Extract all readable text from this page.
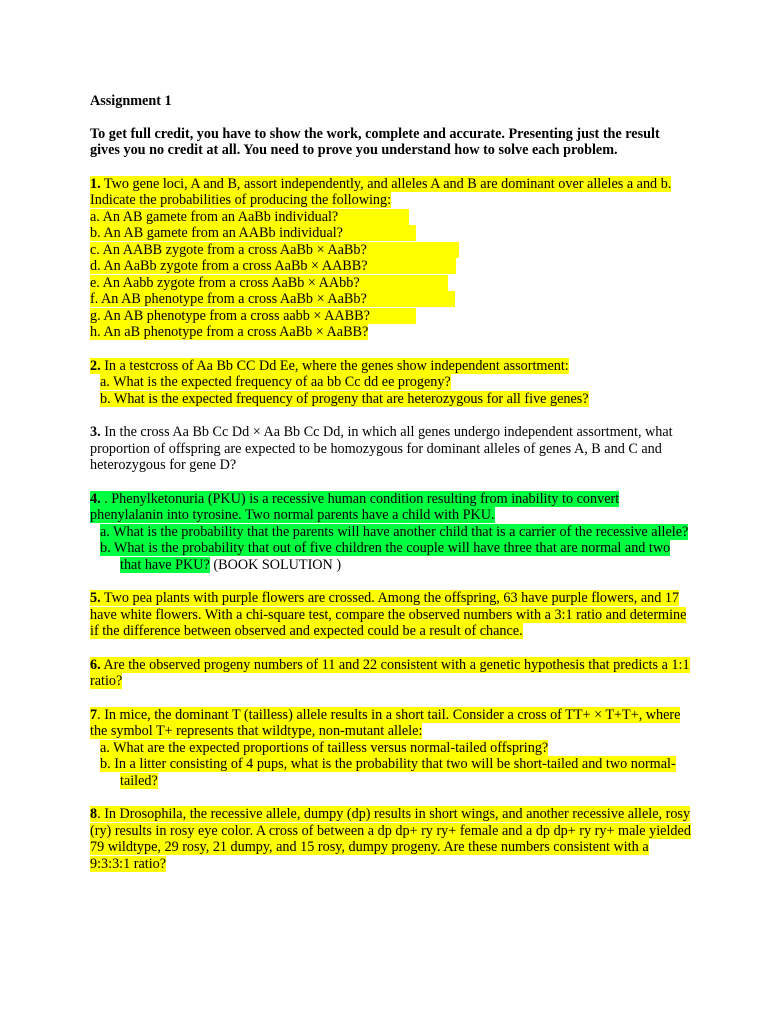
Assignment 1
To get full credit, you have to show the work, complete and accurate. Presenting just the result
gives you no credit at all. You need to prove you understand how to solve each problem.
1. Two gene loci, A and B, assort independently, and alleles A and B are dominant over alleles a and b.
Indicate the probabilities of producing the following:
a. An AB gamete from an AaBb individual?
b. An AB gamete from an AABb individual?
c. An AABB zygote from a cross AaBb × AaBb?
d. An AaBb zygote from a cross AaBb × AABB?
e. An Aabb zygote from a cross AaBb × AAbb?
f. An AB phenotype from a cross AaBb × AaBb?
g. An AB phenotype from a cross aabb × AABB?
h. An aB phenotype from a cross AaBb × AaBB?
2. In a testcross of Aa Bb CC Dd Ee, where the genes show independent assortment:
a. What is the expected frequency of aa bb Cc dd ee progeny?
b. What is the expected frequency of progeny that are heterozygous for all five genes?
3. In the cross Aa Bb Cc Dd × Aa Bb Cc Dd, in which all genes undergo independent assortment, what
proportion of offspring are expected to be homozygous for dominant alleles of genes A, B and C and
heterozygous for gene D?
4. . Phenylketonuria (PKU) is a recessive human condition resulting from inability to convert
phenylalanin into tyrosine. Two normal parents have a child with PKU.
a. What is the probability that the parents will have another child that is a carrier of the recessive allele?
b. What is the probability that out of five children the couple will have three that are normal and two
that have PKU? (BOOK SOLUTION )
5. Two pea plants with purple flowers are crossed. Among the offspring, 63 have purple flowers, and 17
have white flowers. With a chi-square test, compare the observed numbers with a 3:1 ratio and determine
if the difference between observed and expected could be a result of chance.
6. Are the observed progeny numbers of 11 and 22 consistent with a genetic hypothesis that predicts a 1:1
ratio?
7. In mice, the dominant T (tailless) allele results in a short tail. Consider a cross of TT+ × T+T+, where
the symbol T+ represents that wildtype, non-mutant allele:
a. What are the expected proportions of tailless versus normal-tailed offspring?
b. In a litter consisting of 4 pups, what is the probability that two will be short-tailed and two normal-
tailed?
8. In Drosophila, the recessive allele, dumpy (dp) results in short wings, and another recessive allele, rosy
(ry) results in rosy eye color. A cross of between a dp dp+ ry ry+ female and a dp dp+ ry ry+ male yielded
79 wildtype, 29 rosy, 21 dumpy, and 15 rosy, dumpy progeny. Are these numbers consistent with a
9:3:3:1 ratio?
